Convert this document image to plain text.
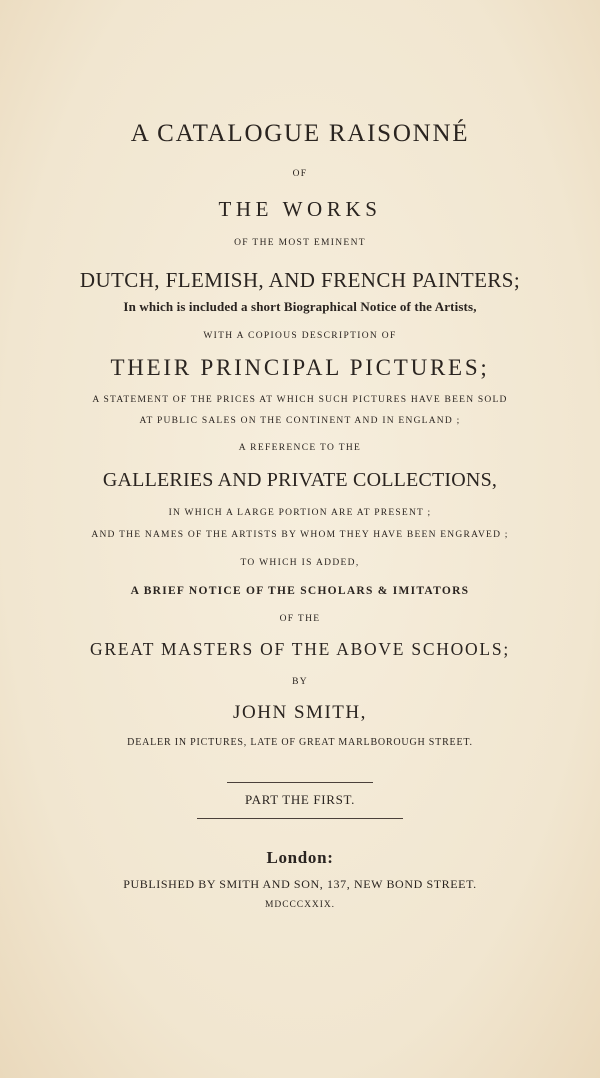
A CATALOGUE RAISONNÉ
OF
THE WORKS
OF THE MOST EMINENT
DUTCH, FLEMISH, AND FRENCH PAINTERS;
In which is included a short Biographical Notice of the Artists,
WITH A COPIOUS DESCRIPTION OF
THEIR PRINCIPAL PICTURES;
A STATEMENT OF THE PRICES AT WHICH SUCH PICTURES HAVE BEEN SOLD
AT PUBLIC SALES ON THE CONTINENT AND IN ENGLAND ;
A REFERENCE TO THE
GALLERIES AND PRIVATE COLLECTIONS,
IN WHICH A LARGE PORTION ARE AT PRESENT ;
AND THE NAMES OF THE ARTISTS BY WHOM THEY HAVE BEEN ENGRAVED ;
TO WHICH IS ADDED,
A BRIEF NOTICE OF THE SCHOLARS & IMITATORS
OF THE
GREAT MASTERS OF THE ABOVE SCHOOLS;
BY
JOHN SMITH,
DEALER IN PICTURES, LATE OF GREAT MARLBOROUGH STREET.
PART THE FIRST.
London:
PUBLISHED BY SMITH AND SON, 137, NEW BOND STREET.
MDCCCXXIX.
